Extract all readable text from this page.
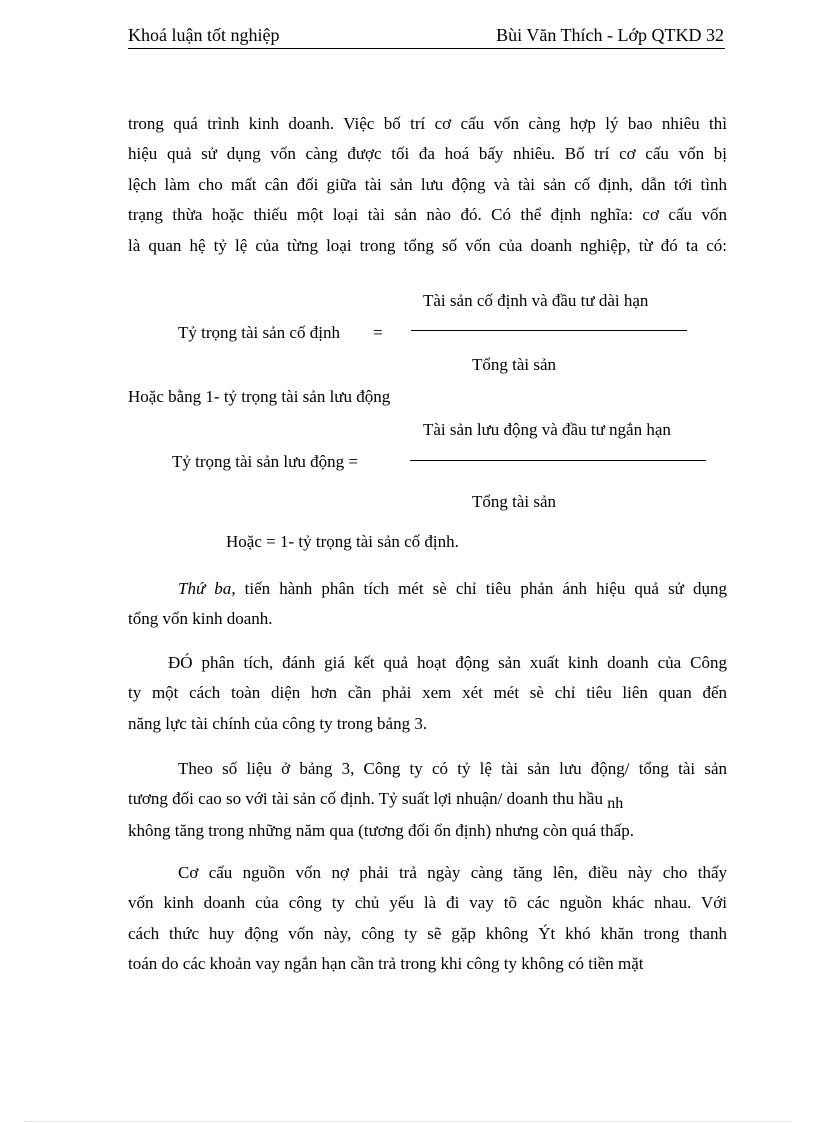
Khoá luận tốt nghiệp	Bùi Văn Thích - Lớp QTKD 32
trong quá trình kinh doanh. Việc bố trí cơ cấu vốn càng hợp lý bao nhiêu thì
hiệu quả sử dụng vốn càng được tối đa hoá bấy nhiêu. Bố trí cơ cấu vốn bị
lệch làm cho mất cân đối giữa tài sản lưu động và tài sản cố định, dẫn tới tình
trạng thừa hoặc thiếu một loại tài sản nào đó. Có thể định nghĩa: cơ cấu vốn
là quan hệ tỷ lệ của từng loại trong tổng số vốn của doanh nghiệp, từ đó ta có:
Tài sản cố định và đầu tư dài hạn
Tỷ trọng tài sản cố định =
Tổng tài sản
Hoặc bằng 1- tỷ trọng tài sản lưu động
Tài sản lưu động và đầu tư ngắn hạn
Tỷ trọng tài sản lưu động =
Tổng tài sản
Hoặc = 1- tỷ trọng tài sản cố định.
Thứ ba, tiến hành phân tích mét sè chỉ tiêu phản ánh hiệu quả sử dụng
tổng vốn kinh doanh.
ĐÓ phân tích, đánh giá kết quả hoạt động sản xuất kinh doanh của Công
ty một cách toàn diện hơn cần phải xem xét mét sè chỉ tiêu liên quan đến
năng lực tài chính của công ty trong bảng 3.
Theo số liệu ở bảng 3, Công ty có tỷ lệ tài sản lưu động/ tổng tài sản
tương đối cao so với tài sản cố định. Tỷ suất lợi nhuận/ doanh thu hầu nh
không tăng trong những năm qua (tương đối ổn định) nhưng còn quá thấp.
Cơ cấu nguồn vốn nợ phải trả ngày càng tăng lên, điều này cho thấy
vốn kinh doanh của công ty chủ yếu là đi vay tõ các nguồn khác nhau. Với
cách thức huy động vốn này, công ty sẽ gặp không Ýt khó khăn trong thanh
toán do các khoản vay ngắn hạn cần trả trong khi công ty không có tiền mặt
